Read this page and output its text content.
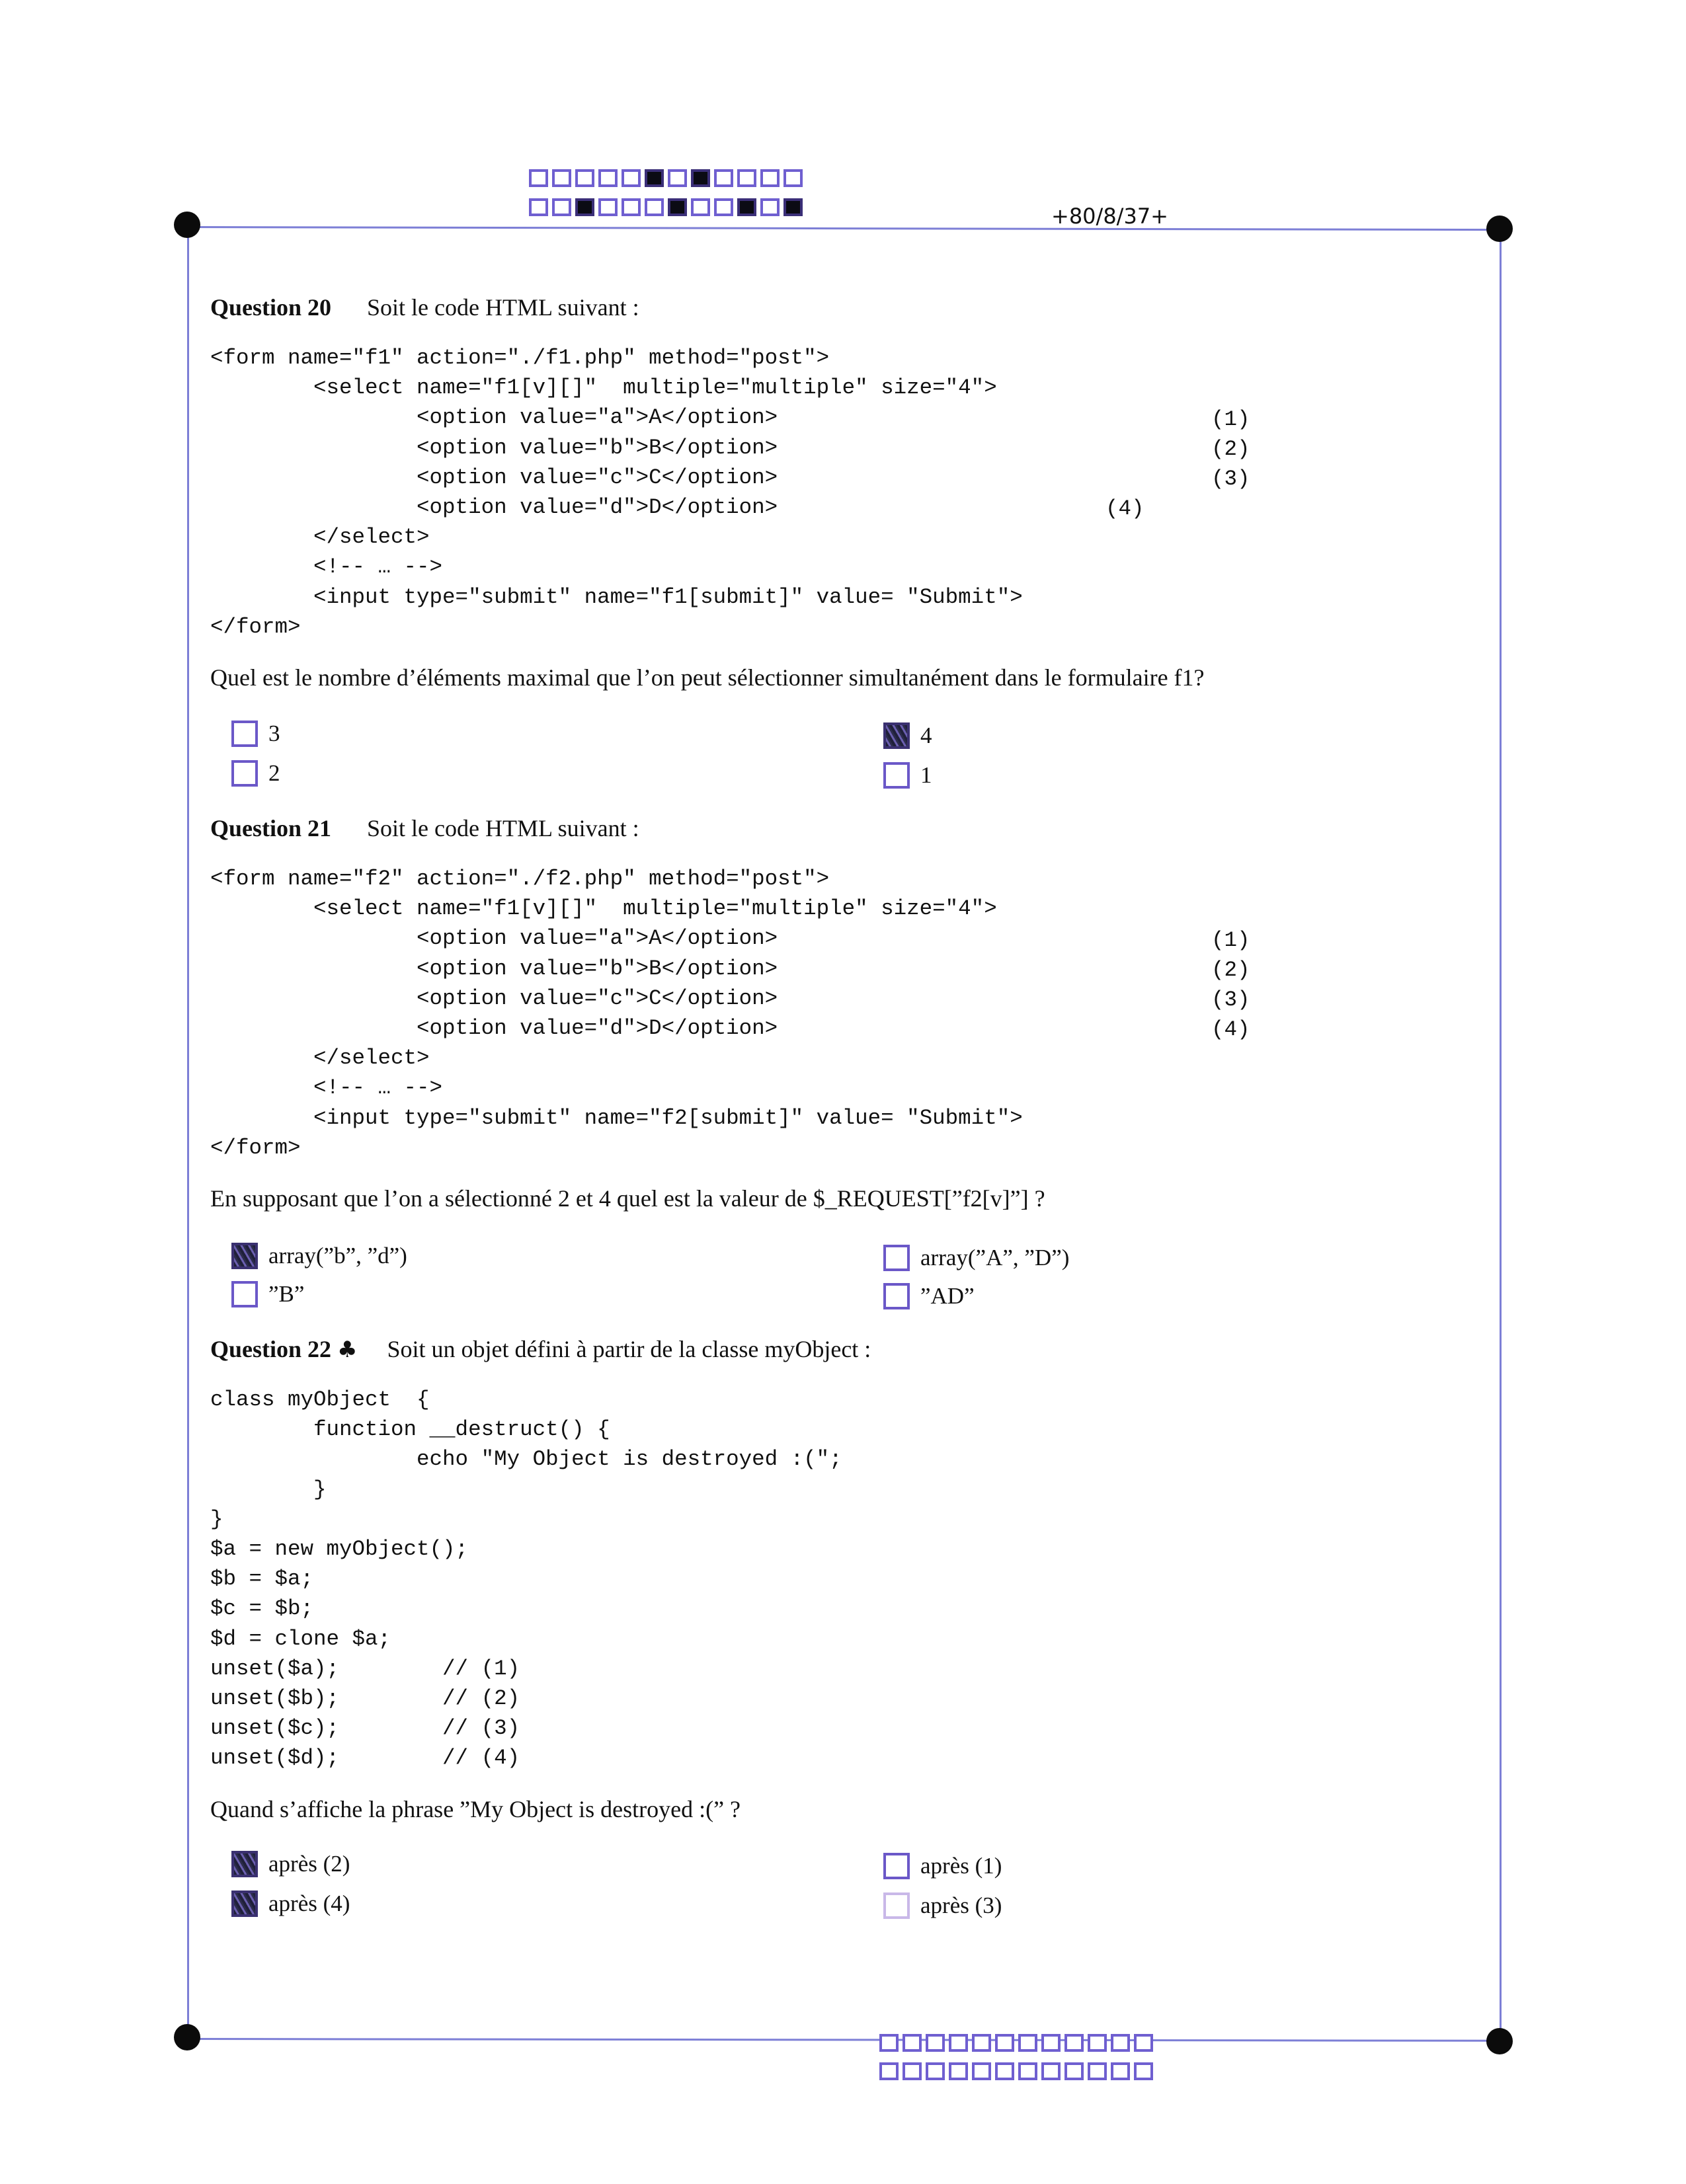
+80/8/37+
Question 20 Soit le code HTML suivant :
<form name="f1" action="./f1.php" method="post">
<select name="f1[v][]"  multiple="multiple" size="4">
<option value="a">A</option>
<option value="b">B</option>
<option value="c">C</option>
<option value="d">D</option>
</select>
<!-- … -->
<input type="submit" name="f1[submit]" value= "Submit">
</form>
(1)
(2)
(3)
(4)
Quel est le nombre d’éléments maximal que l’on peut sélectionner simultanément dans le formulaire f1?
3	4
2	1
Question 21 Soit le code HTML suivant :
<form name="f2" action="./f2.php" method="post">
<select name="f1[v][]"  multiple="multiple" size="4">
<option value="a">A</option>
<option value="b">B</option>
<option value="c">C</option>
<option value="d">D</option>
</select>
<!-- … -->
<input type="submit" name="f2[submit]" value= "Submit">
</form>
(1)
(2)
(3)
(4)
En supposant que l’on a sélectionné 2 et 4 quel est la valeur de $_REQUEST[”f2[v]”] ?
array(”b”, ”d”)	array(”A”, ”D”)
”B”	”AD”
Question 22 ♣ Soit un objet défini à partir de la classe myObject :
class myObject  {
function __destruct() {
echo "My Object is destroyed :(";
}
}
$a = new myObject();
$b = $a;
$c = $b;
$d = clone $a;
unset($a);        // (1)
unset($b);        // (2)
unset($c);        // (3)
unset($d);        // (4)
Quand s’affiche la phrase ”My Object is destroyed :(” ?
après (2)	après (1)
après (4)	après (3)
